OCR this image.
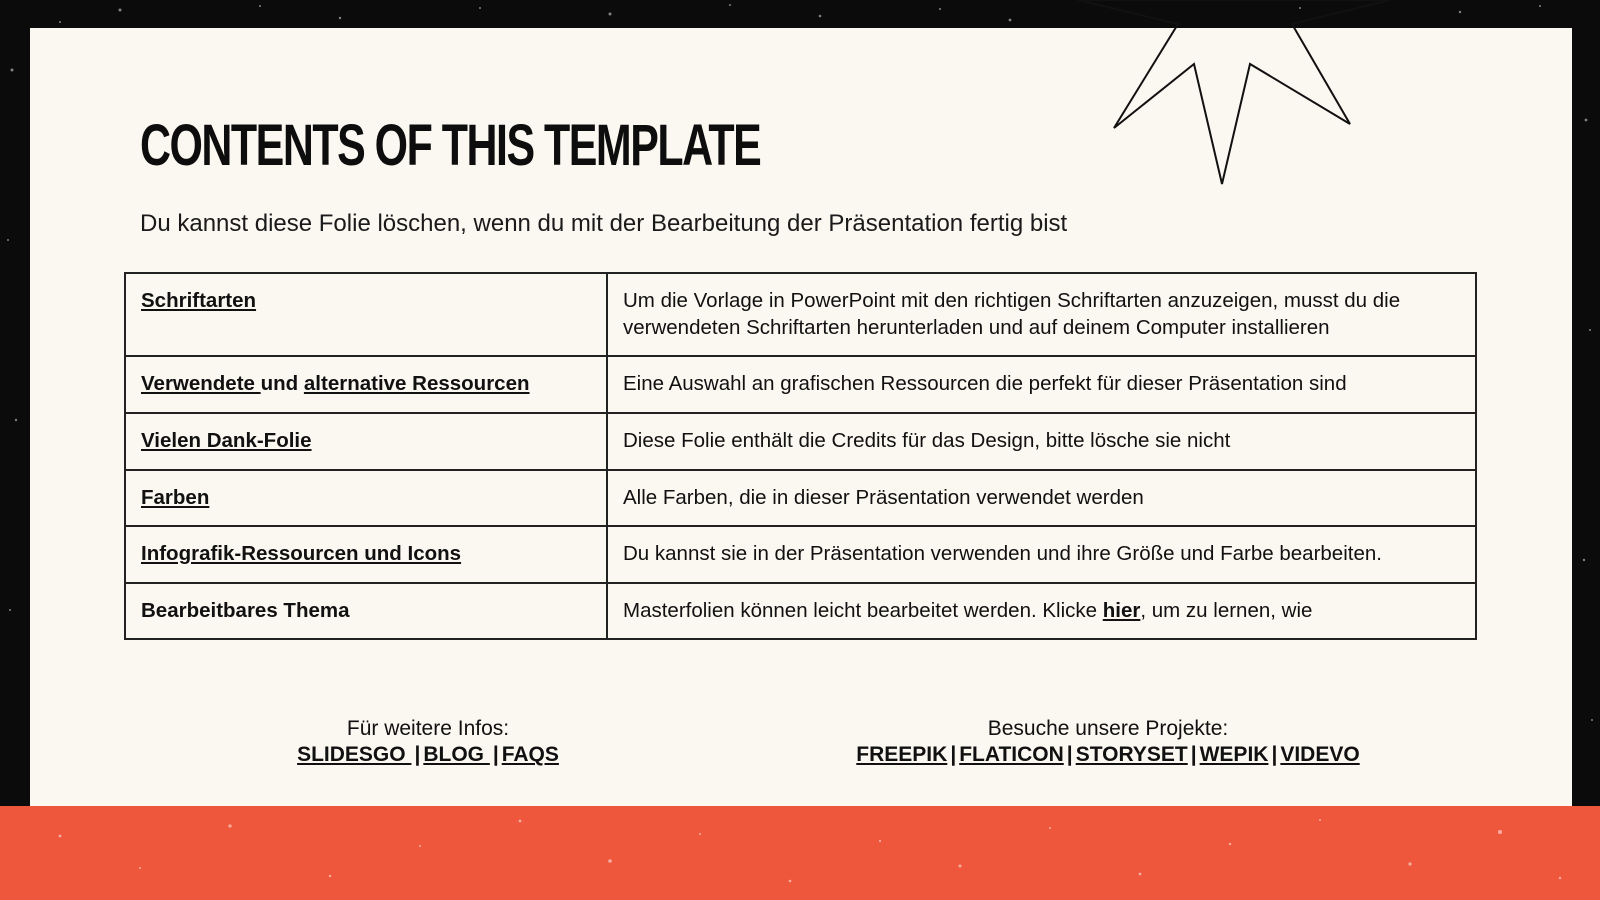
CONTENTS OF THIS TEMPLATE
Du kannst diese Folie löschen, wenn du mit der Bearbeitung der Präsentation fertig bist
Schriftarten	Um die Vorlage in PowerPoint mit den richtigen Schriftarten anzuzeigen, musst du die verwendeten Schriftarten herunterladen und auf deinem Computer installieren
Verwendete und alternative Ressourcen	Eine Auswahl an grafischen Ressourcen die perfekt für dieser Präsentation sind
Vielen Dank-Folie	Diese Folie enthält die Credits für das Design, bitte lösche sie nicht
Farben	Alle Farben, die in dieser Präsentation verwendet werden
Infografik-Ressourcen und Icons	Du kannst sie in der Präsentation verwenden und ihre Größe und Farbe bearbeiten.
Bearbeitbares Thema	Masterfolien können leicht bearbeitet werden. Klicke hier, um zu lernen, wie
Für weitere Infos:
SLIDESGO | BLOG | FAQS
Besuche unsere Projekte:
FREEPIK | FLATICON | STORYSET | WEPIK | VIDEVO
